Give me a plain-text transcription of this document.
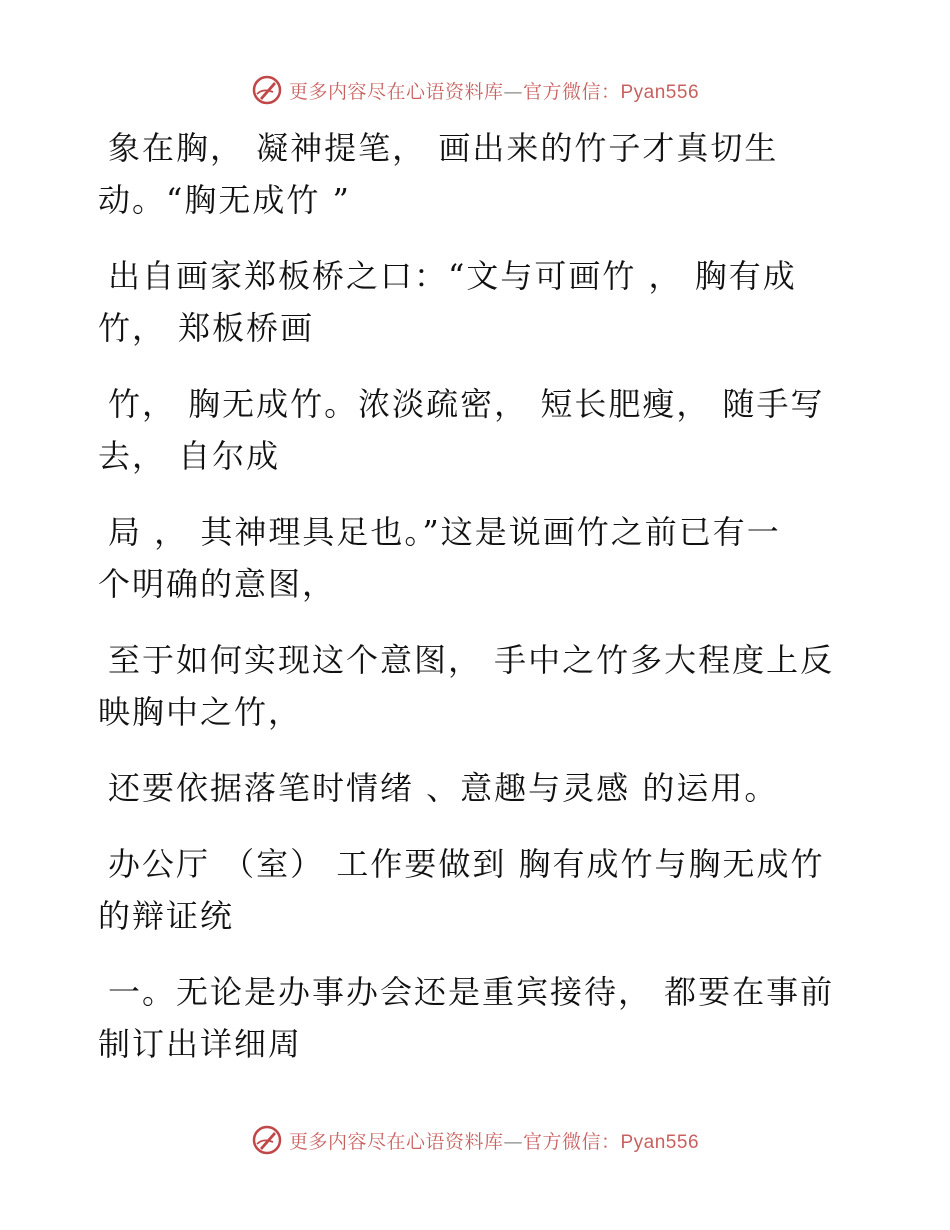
更多内容尽在心语资料库—官方微信：Pyan556

象在胸， 凝神提笔， 画出来的竹子才真切生
动。“胸无成竹 ”

出自画家郑板桥之口：“文与可画竹 ， 胸有成
竹， 郑板桥画

竹， 胸无成竹。浓淡疏密， 短长肥瘦， 随手写
去， 自尔成

局 ， 其神理具足也。”这是说画竹之前已有一
个明确的意图，

至于如何实现这个意图， 手中之竹多大程度上反
映胸中之竹，

还要依据落笔时情绪 、意趣与灵感 的运用。

办公厅 （室） 工作要做到 胸有成竹与胸无成竹
的辩证统

一。无论是办事办会还是重宾接待， 都要在事前
制订出详细周

更多内容尽在心语资料库—官方微信：Pyan556
